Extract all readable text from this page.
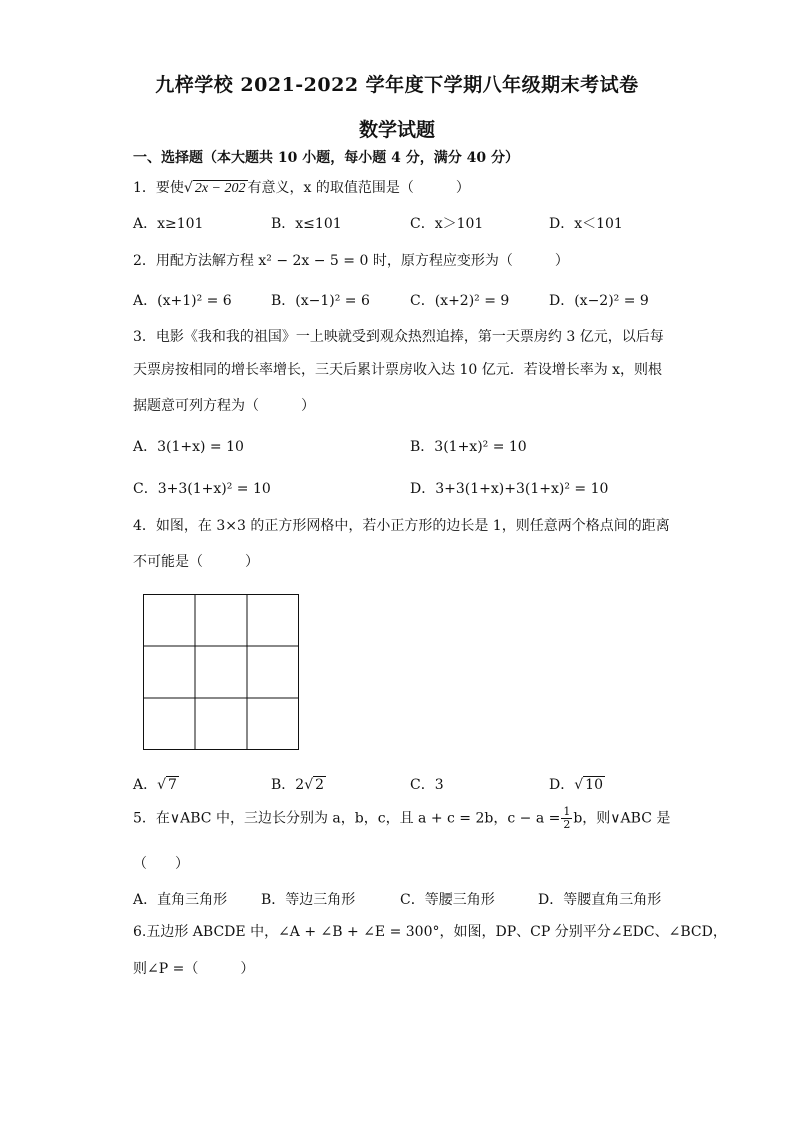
九梓学校 2021-2022 学年度下学期八年级期末考试卷
数学试题
一、选择题（本大题共 10 小题，每小题 4 分，满分 40 分）
1．要使√ 2x − 202 有意义，x 的取值范围是（　　　）
A．x≥101	B．x≤101	C．x＞101	D．x＜101
2．用配方法解方程 x² − 2x − 5 = 0 时，原方程应变形为（　　　）
A．(x+1)² = 6	B．(x−1)² = 6	C．(x+2)² = 9	D．(x−2)² = 9
3．电影《我和我的祖国》一上映就受到观众热烈追捧，第一天票房约 3 亿元，以后每
天票房按相同的增长率增长，三天后累计票房收入达 10 亿元．若设增长率为 x，则根
据题意可列方程为（　　　）
A．3(1+x) = 10	B．3(1+x)² = 10
C．3+3(1+x)² = 10	D．3+3(1+x)+3(1+x)² = 10
4．如图，在 3×3 的正方形网格中，若小正方形的边长是 1，则任意两个格点间的距离
不可能是（　　　）
A．√ 7	B．2√ 2	C．3	D．√ 10
5．在∨ABC 中，三边长分别为 a，b，c，且 a + c = 2b，$c - a = \frac{1}{2}$ b，则∨ABC 是
（　　）
A．直角三角形 B．等边三角形	C．等腰三角形	D．等腰直角三角形
6.五边形 ABCDE 中，∠A + ∠B + ∠E = 300°，如图，DP、CP 分别平分∠EDC、∠BCD，
则∠P =（　　　）
